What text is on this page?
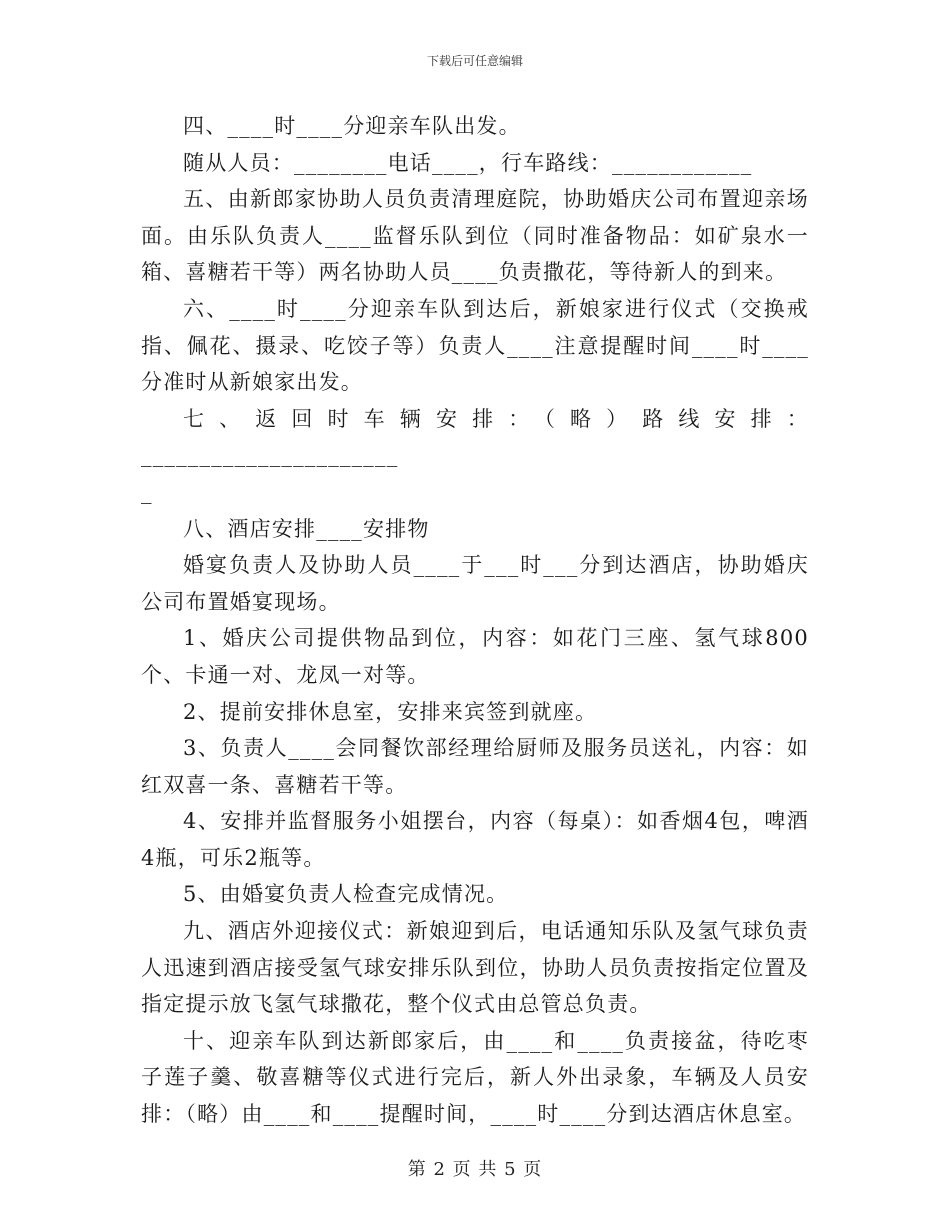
下载后可任意编辑

四、____时____分迎亲车队出发。

随从人员：________电话____，行车路线：____________

五、由新郎家协助人员负责清理庭院，协助婚庆公司布置迎亲场面。由乐队负责人____监督乐队到位（同时准备物品：如矿泉水一箱、喜糖若干等）两名协助人员____负责撒花，等待新人的到来。

六、____时____分迎亲车队到达后，新娘家进行仪式（交换戒指、佩花、摄录、吃饺子等）负责人____注意提醒时间____时____分准时从新娘家出发。

七、返回时车辆安排：（略）路线安排：______________________

_

八、酒店安排____安排物

婚宴负责人及协助人员____于___时___分到达酒店，协助婚庆公司布置婚宴现场。

1、婚庆公司提供物品到位，内容：如花门三座、氢气球800个、卡通一对、龙凤一对等。

2、提前安排休息室，安排来宾签到就座。

3、负责人____会同餐饮部经理给厨师及服务员送礼，内容：如红双喜一条、喜糖若干等。

4、安排并监督服务小姐摆台，内容（每桌）：如香烟4包，啤酒4瓶，可乐2瓶等。

5、由婚宴负责人检查完成情况。

九、酒店外迎接仪式：新娘迎到后，电话通知乐队及氢气球负责人迅速到酒店接受氢气球安排乐队到位，协助人员负责按指定位置及指定提示放飞氢气球撒花，整个仪式由总管总负责。

十、迎亲车队到达新郎家后，由____和____负责接盆，待吃枣子莲子羹、敬喜糖等仪式进行完后，新人外出录象，车辆及人员安排：（略）由____和____提醒时间，____时____分到达酒店休息室。

第 2 页 共 5 页
